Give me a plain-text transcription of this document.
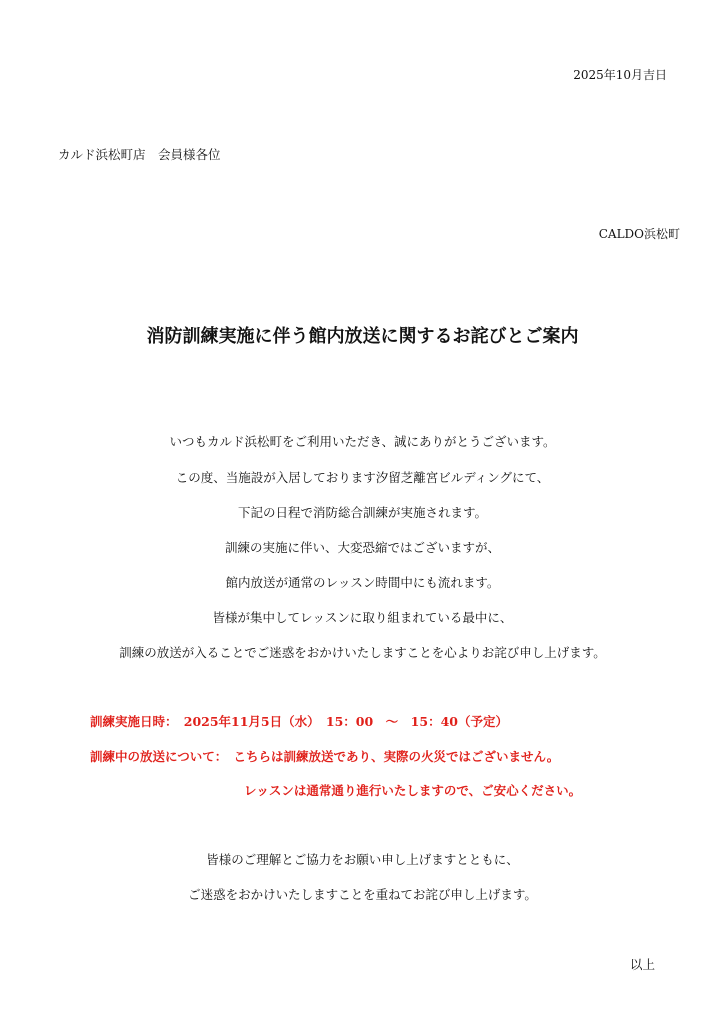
2025年10月吉日
カルド浜松町店　会員様各位
CALDO浜松町
消防訓練実施に伴う館内放送に関するお詫びとご案内
いつもカルド浜松町をご利用いただき、誠にありがとうございます。
この度、当施設が入居しております汐留芝離宮ビルディングにて、
下記の日程で消防総合訓練が実施されます。
訓練の実施に伴い、大変恐縮ではございますが、
館内放送が通常のレッスン時間中にも流れます。
皆様が集中してレッスンに取り組まれている最中に、
訓練の放送が入ることでご迷惑をおかけいたしますことを心よりお詫び申し上げます。
訓練実施日時：　2025年11月5日（水）　15：00　〜　15：40（予定）
訓練中の放送について：　こちらは訓練放送であり、実際の火災ではございません。
レッスンは通常通り進行いたしますので、ご安心ください。
皆様のご理解とご協力をお願い申し上げますとともに、
ご迷惑をおかけいたしますことを重ねてお詫び申し上げます。
以上
